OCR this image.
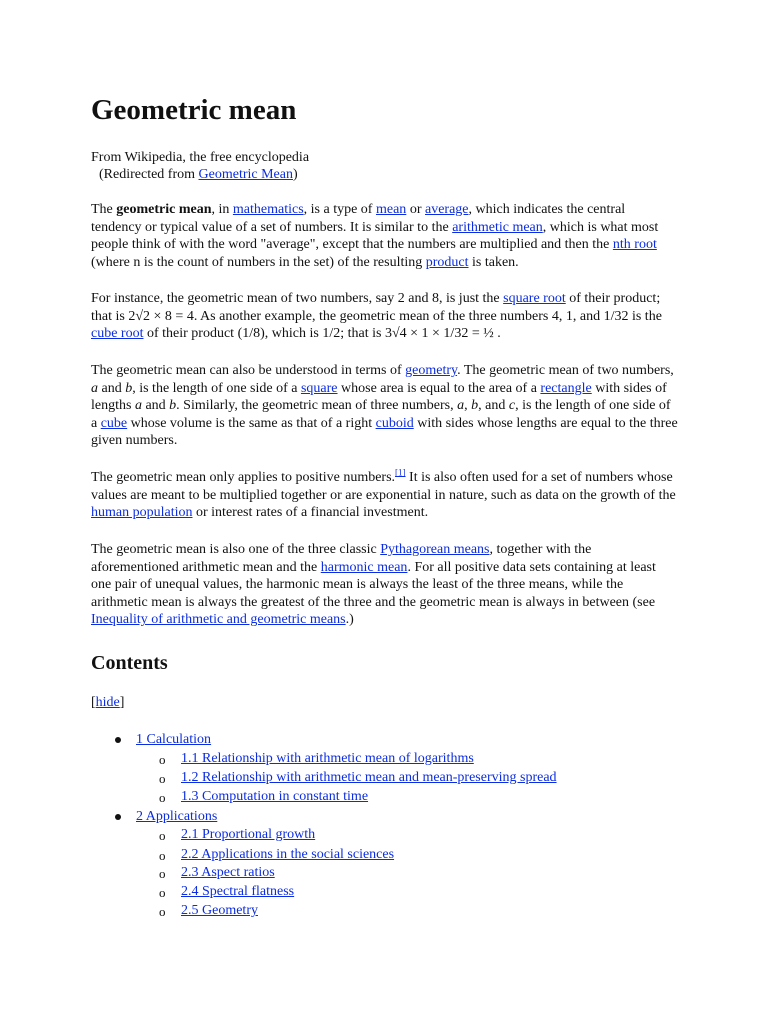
Geometric mean
From Wikipedia, the free encyclopedia
(Redirected from Geometric Mean)
The geometric mean, in mathematics, is a type of mean or average, which indicates the central tendency or typical value of a set of numbers. It is similar to the arithmetic mean, which is what most people think of with the word "average", except that the numbers are multiplied and then the nth root (where n is the count of numbers in the set) of the resulting product is taken.
For instance, the geometric mean of two numbers, say 2 and 8, is just the square root of their product; that is 2√2 × 8 = 4. As another example, the geometric mean of the three numbers 4, 1, and 1/32 is the cube root of their product (1/8), which is 1/2; that is 3√4 × 1 × 1/32 = ½ .
The geometric mean can also be understood in terms of geometry. The geometric mean of two numbers, a and b, is the length of one side of a square whose area is equal to the area of a rectangle with sides of lengths a and b. Similarly, the geometric mean of three numbers, a, b, and c, is the length of one side of a cube whose volume is the same as that of a right cuboid with sides whose lengths are equal to the three given numbers.
The geometric mean only applies to positive numbers.[1] It is also often used for a set of numbers whose values are meant to be multiplied together or are exponential in nature, such as data on the growth of the human population or interest rates of a financial investment.
The geometric mean is also one of the three classic Pythagorean means, together with the aforementioned arithmetic mean and the harmonic mean. For all positive data sets containing at least one pair of unequal values, the harmonic mean is always the least of the three means, while the arithmetic mean is always the greatest of the three and the geometric mean is always in between (see Inequality of arithmetic and geometric means.)
Contents
[hide]
1 Calculation
o 1.1 Relationship with arithmetic mean of logarithms
o 1.2 Relationship with arithmetic mean and mean-preserving spread
o 1.3 Computation in constant time
2 Applications
o 2.1 Proportional growth
o 2.2 Applications in the social sciences
o 2.3 Aspect ratios
o 2.4 Spectral flatness
o 2.5 Geometry
